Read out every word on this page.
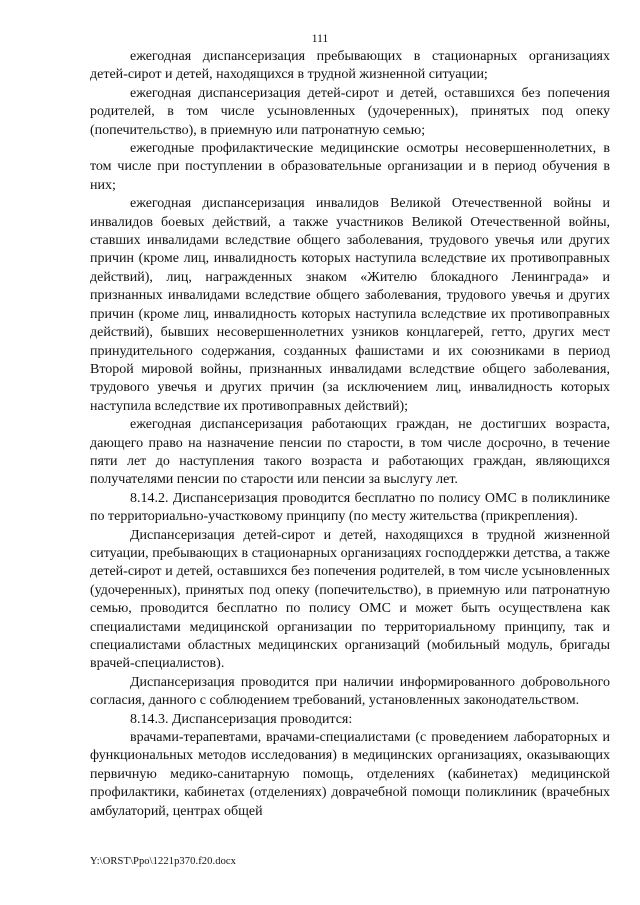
111

ежегодная диспансеризация пребывающих в стационарных организациях детей-сирот и детей, находящихся в трудной жизненной ситуации;

ежегодная диспансеризация детей-сирот и детей, оставшихся без попечения родителей, в том числе усыновленных (удочеренных), принятых под опеку (попечительство), в приемную или патронатную семью;

ежегодные профилактические медицинские осмотры несовершеннолетних, в том числе при поступлении в образовательные организации и в период обучения в них;

ежегодная диспансеризация инвалидов Великой Отечественной войны и инвалидов боевых действий, а также участников Великой Отечественной войны, ставших инвалидами вследствие общего заболевания, трудового увечья или других причин (кроме лиц, инвалидность которых наступила вследствие их противоправных действий), лиц, награжденных знаком «Жителю блокадного Ленинграда» и признанных инвалидами вследствие общего заболевания, трудового увечья и других причин (кроме лиц, инвалидность которых наступила вследствие их противоправных действий), бывших несовершеннолетних узников концлагерей, гетто, других мест принудительного содержания, созданных фашистами и их союзниками в период Второй мировой войны, признанных инвалидами вследствие общего заболевания, трудового увечья и других причин (за исключением лиц, инвалидность которых наступила вследствие их противоправных действий);

ежегодная диспансеризация работающих граждан, не достигших возраста, дающего право на назначение пенсии по старости, в том числе досрочно, в течение пяти лет до наступления такого возраста и работающих граждан, являющихся получателями пенсии по старости или пенсии за выслугу лет.

8.14.2. Диспансеризация проводится бесплатно по полису ОМС в поликлинике по территориально-участковому принципу (по месту жительства (прикрепления).

Диспансеризация детей-сирот и детей, находящихся в трудной жизненной ситуации, пребывающих в стационарных организациях господдержки детства, а также детей-сирот и детей, оставшихся без попечения родителей, в том числе усыновленных (удочеренных), принятых под опеку (попечительство), в приемную или патронатную семью, проводится бесплатно по полису ОМС и может быть осуществлена как специалистами медицинской организации по территориальному принципу, так и специалистами областных медицинских организаций (мобильный модуль, бригады врачей-специалистов).

Диспансеризация проводится при наличии информированного добровольного согласия, данного с соблюдением требований, установленных законодательством.

8.14.3. Диспансеризация проводится:

врачами-терапевтами, врачами-специалистами (с проведением лабораторных и функциональных методов исследования) в медицинских организациях, оказывающих первичную медико-санитарную помощь, отделениях (кабинетах) медицинской профилактики, кабинетах (отделениях) доврачебной помощи поликлиник (врачебных амбулаторий, центрах общей

Y:\ORST\Ppo\1221p370.f20.docx
